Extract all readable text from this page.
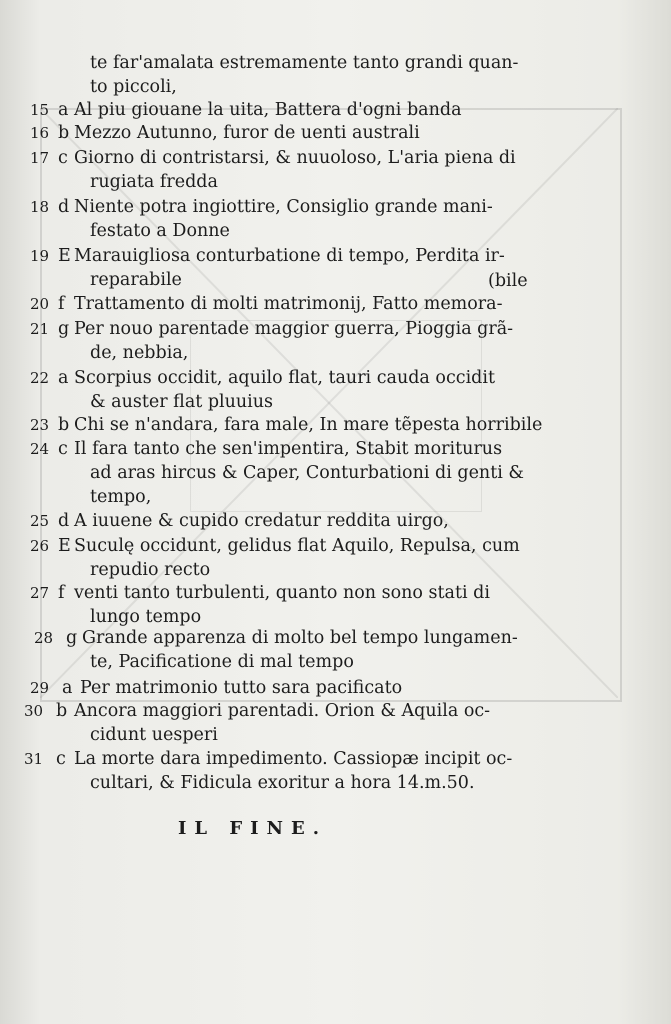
te far'amalata estremamente tanto grandi quan-
to piccoli,
15 a Al piu giouane la uita, Battera d'ogni banda
16 b Mezzo Autunno, furor de uenti australi
17 c Giorno di contristarsi, & nuuoloso, L'aria piena di
rugiata fredda
18 d Niente potra ingiottire, Consiglio grande mani-
festato a Donne
19 E Marauigliosa conturbatione di tempo, Perdita ir-
reparabile	(bile
20 f Trattamento di molti matrimonij, Fatto memora-
21 g Per nouo parentade maggior guerra, Pioggia grã-
de, nebbia,
22 a Scorpius occidit, aquilo flat, tauri cauda occidit
& auster flat pluuius
23 b Chi se n'andara, fara male, In mare tẽpesta horribile
24 c Il fara tanto che sen'impentira, Stabit moriturus
ad aras hircus & Caper, Conturbationi di genti &
tempo,
25 d A iuuene & cupido credatur reddita uirgo,
26 E Suculę occidunt, gelidus flat Aquilo, Repulsa, cum
repudio recto
27 f venti tanto turbulenti, quanto non sono stati di
lungo tempo
28 g Grande apparenza di molto bel tempo lungamen-
te, Pacificatione di mal tempo
29 a Per matrimonio tutto sara pacificato
30 b Ancora maggiori parentadi. Orion & Aquila oc-
cidunt uesperi
31 c La morte dara impedimento. Cassiopæ incipit oc-
cultari, & Fidicula exoritur a hora 14.m.50.
IL FINE.
